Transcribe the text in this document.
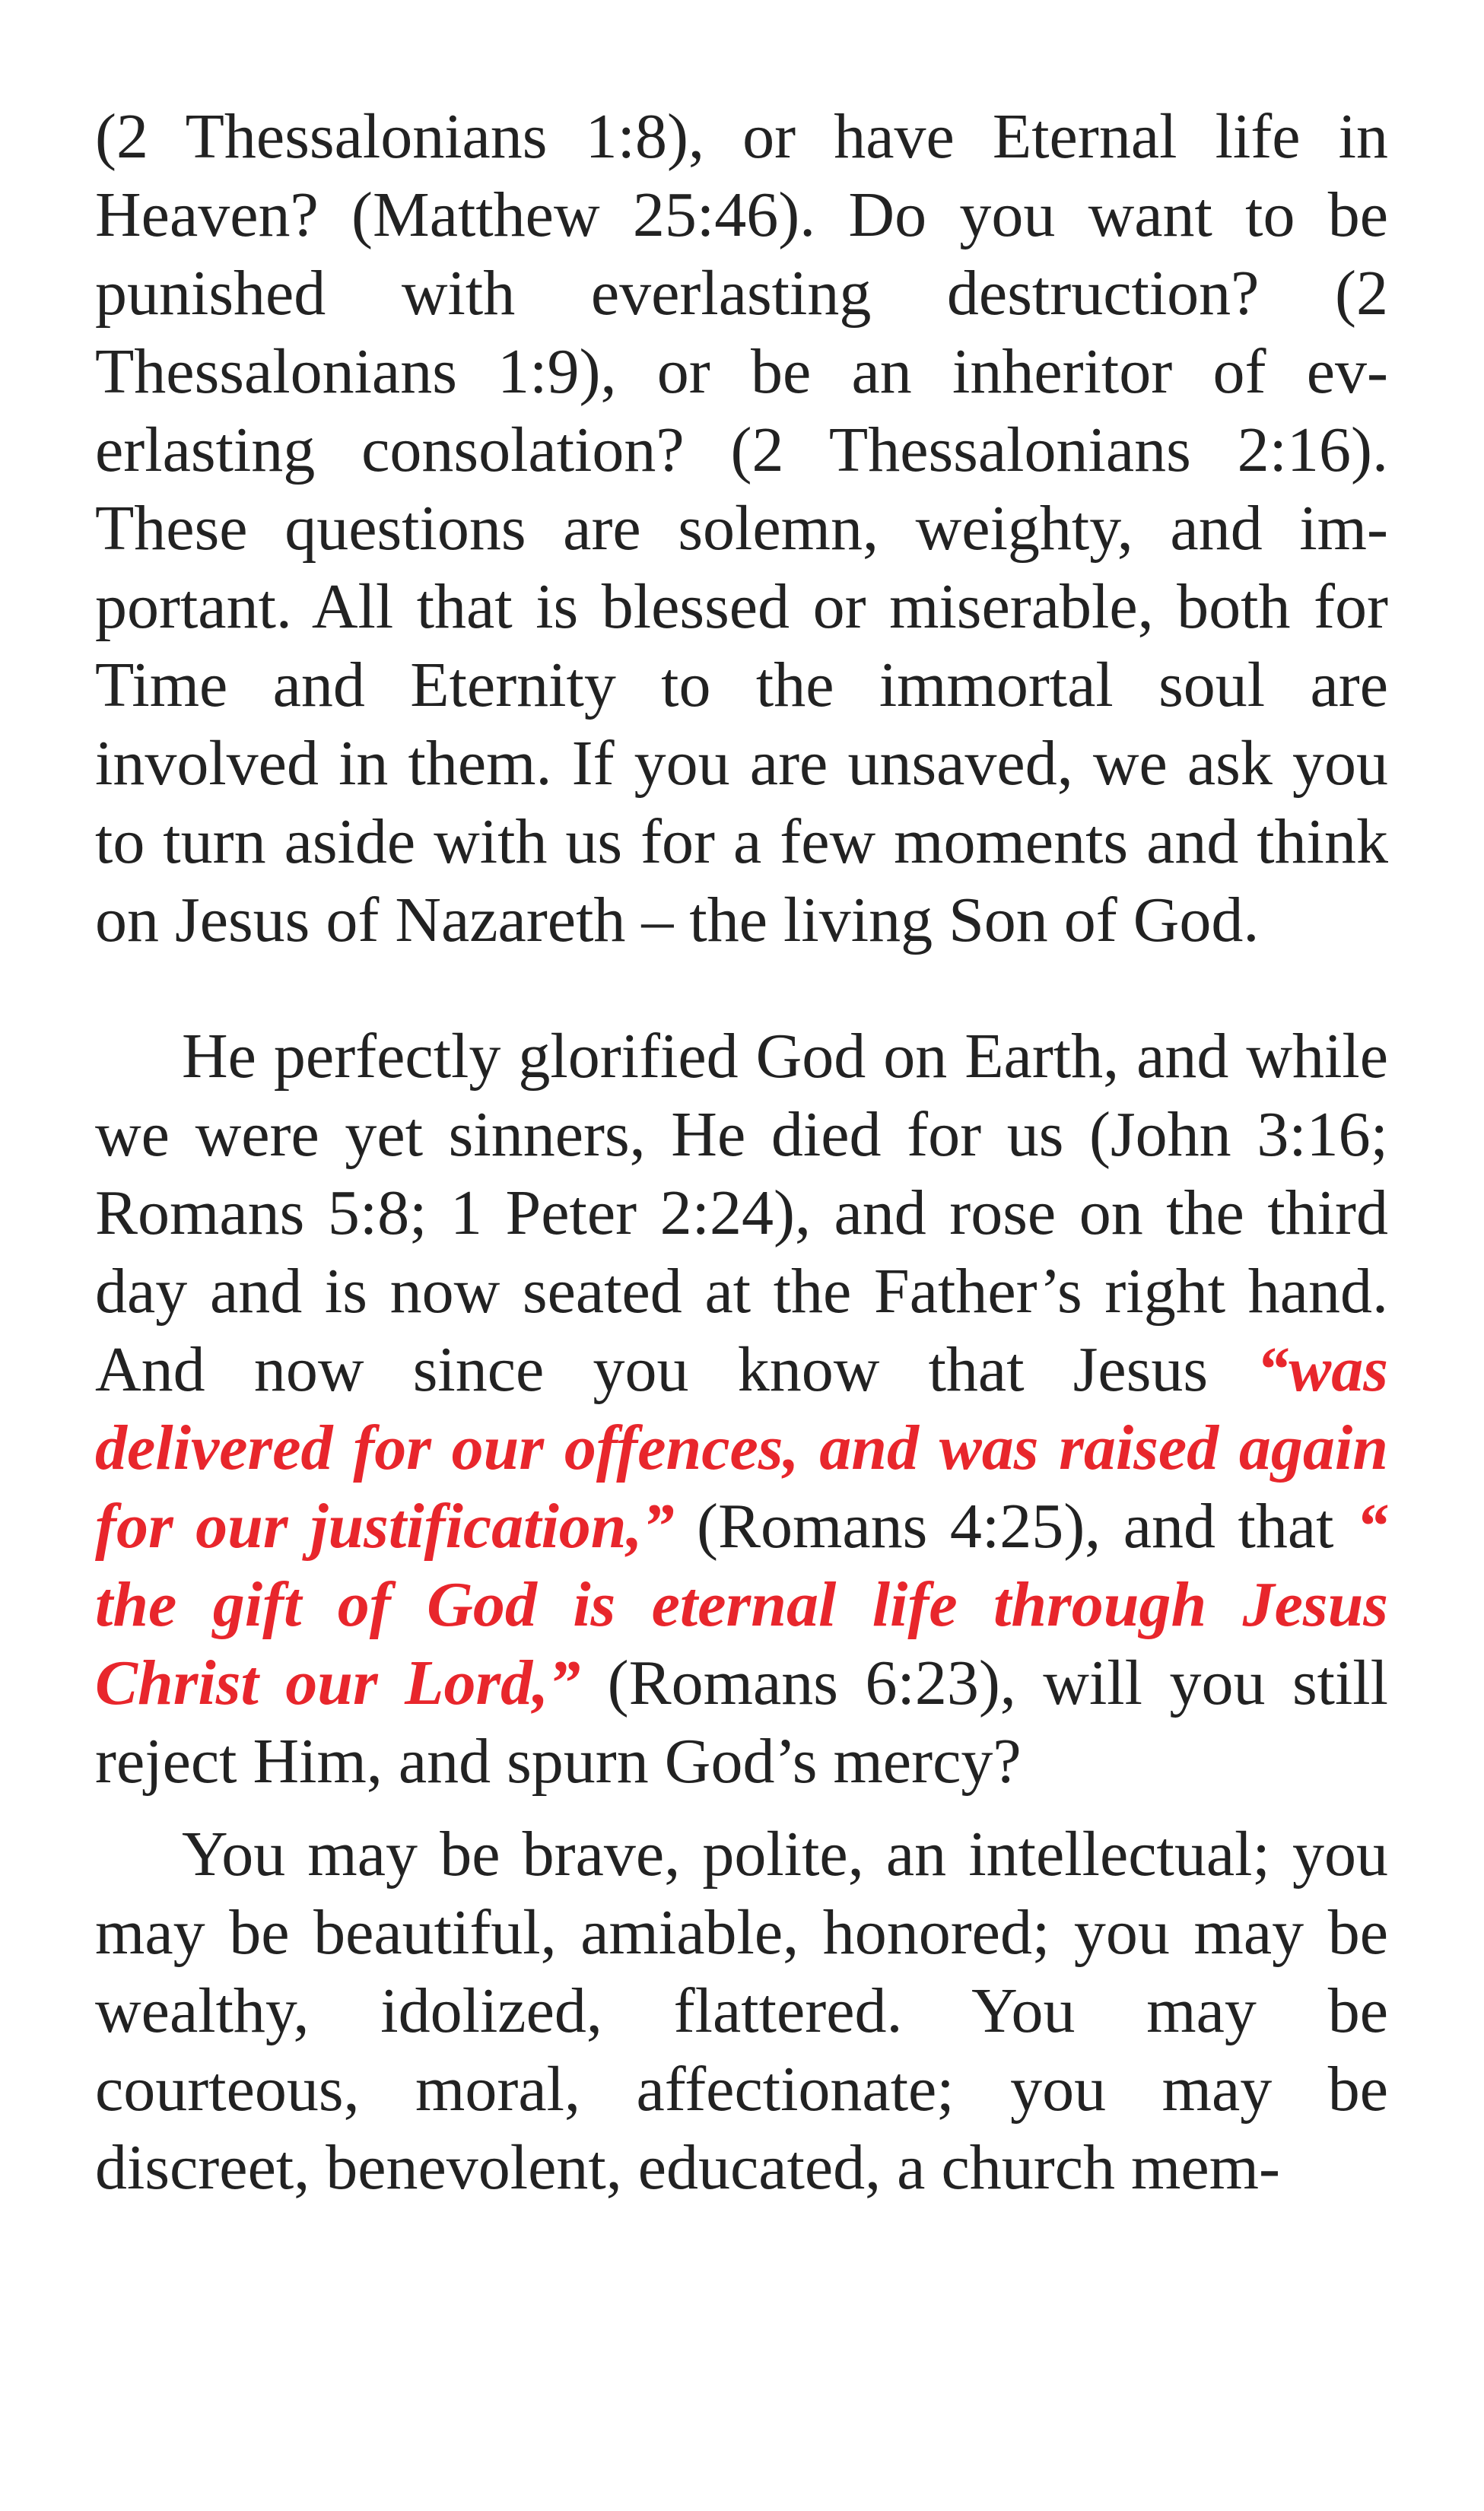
(2 Thessalonians 1:8), or have Eternal life in Heaven? (Matthew 25:46). Do you want to be punished with everlasting destruction? (2 Thessalonians 1:9), or be an inheritor of everlasting consolation? (2 Thessalonians 2:16). These questions are solemn, weighty, and important. All that is blessed or miserable, both for Time and Eternity to the immortal soul are involved in them. If you are unsaved, we ask you to turn aside with us for a few moments and think on Jesus of Nazareth – the living Son of God.

He perfectly glorified God on Earth, and while we were yet sinners, He died for us (John 3:16; Romans 5:8; 1 Peter 2:24), and rose on the third day and is now seated at the Father’s right hand. And now since you know that Jesus “was delivered for our offences, and was raised again for our justification,” (Romans 4:25), and that “ the gift of God is eternal life through Jesus Christ our Lord,” (Romans 6:23), will you still reject Him, and spurn God’s mercy?

You may be brave, polite, an intellectual; you may be beautiful, amiable, honored; you may be wealthy, idolized, flattered. You may be courteous, moral, affectionate; you may be discreet, benevolent, educated, a church mem-
